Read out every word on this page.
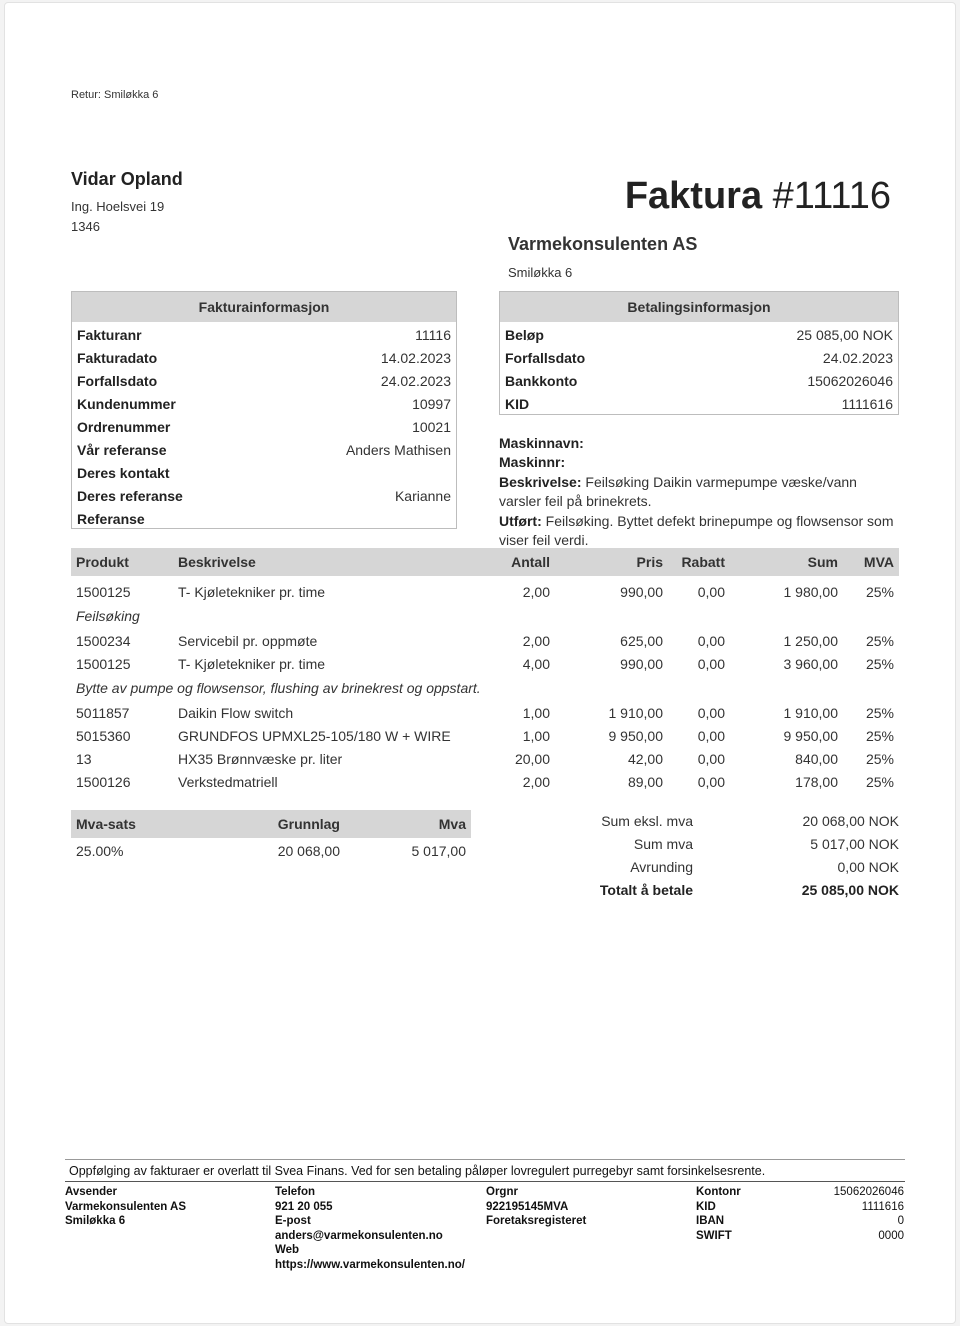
Retur: Smiløkka 6
Vidar Opland
Ing. Hoelsvei 19
1346
Faktura #11116
Varmekonsulenten AS
Smiløkka 6
Fakturainformasjon
Fakturanr	11116
Fakturadato	14.02.2023
Forfallsdato	24.02.2023
Kundenummer	10997
Ordrenummer	10021
Vår referanse	Anders Mathisen
Deres kontakt
Deres referanse	Karianne
Referanse
Betalingsinformasjon
Beløp	25 085,00 NOK
Forfallsdato	24.02.2023
Bankkonto	15062026046
KID	1111616
Maskinnavn:
Maskinnr:
Beskrivelse: Feilsøking Daikin varmepumpe væske/vann varsler feil på brinekrets.
Utført: Feilsøking. Byttet defekt brinepumpe og flowsensor som viser feil verdi.
Produkt	Beskrivelse	Antall	Pris	Rabatt	Sum	MVA

1500125	T- Kjøletekniker pr. time	2,00	990,00	0,00	1 980,00	25%
Feilsøking						
1500234	Servicebil pr. oppmøte	2,00	625,00	0,00	1 250,00	25%
1500125	T- Kjøletekniker pr. time	4,00	990,00	0,00	3 960,00	25%
Bytte av pumpe og flowsensor, flushing av brinekrest og oppstart.						
5011857	Daikin Flow switch	1,00	1 910,00	0,00	1 910,00	25%
5015360	GRUNDFOS UPMXL25-105/180 W + WIRE	1,00	9 950,00	0,00	9 950,00	25%
13	HX35 Brønnvæske pr. liter	20,00	42,00	0,00	840,00	25%
1500126	Verkstedmatriell	2,00	89,00	0,00	178,00	25%
Mva-sats	Grunnlag	Mva
25.00%	20 068,00	5 017,00
Sum eksl. mva	20 068,00 NOK
Sum mva	5 017,00 NOK
Avrunding	0,00 NOK
Totalt å betale	25 085,00 NOK
Oppfølging av fakturaer er overlatt til Svea Finans. Ved for sen betaling påløper lovregulert purregebyr samt forsinkelsesrente.
Avsender
Varmekonsulenten AS
Smiløkka 6
Telefon
921 20 055
E-post
anders@varmekonsulenten.no
Web
https://www.varmekonsulenten.no/
Orgnr
922195145MVA
Foretaksregisteret
Kontonr	15062026046
KID	1111616
IBAN	0
SWIFT	0000
